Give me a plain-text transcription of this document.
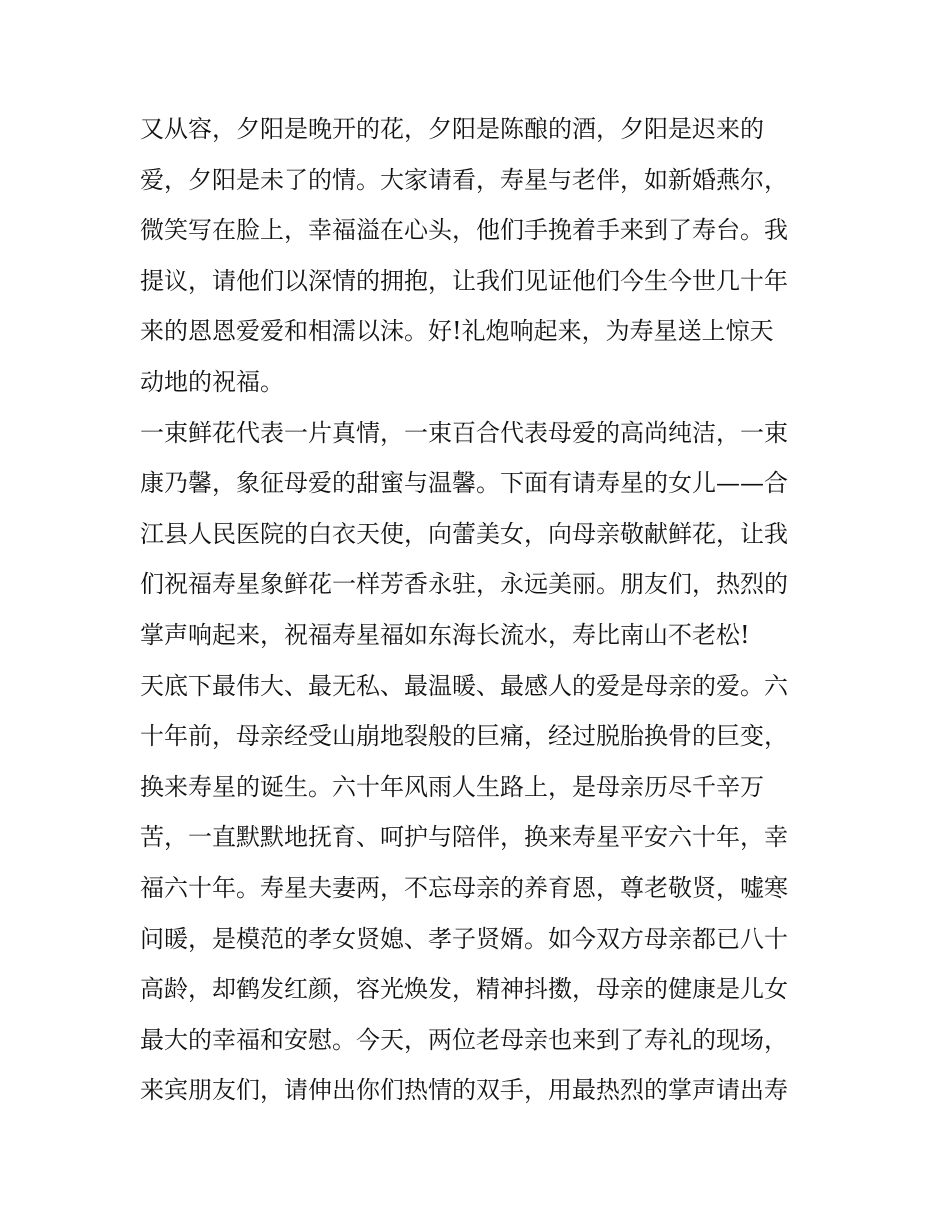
又从容，夕阳是晚开的花，夕阳是陈酿的酒，夕阳是迟来的
爱，夕阳是未了的情。大家请看，寿星与老伴，如新婚燕尔，
微笑写在脸上，幸福溢在心头，他们手挽着手来到了寿台。我
提议，请他们以深情的拥抱，让我们见证他们今生今世几十年
来的恩恩爱爱和相濡以沫。好!礼炮响起来，为寿星送上惊天
动地的祝福。
一束鲜花代表一片真情，一束百合代表母爱的高尚纯洁，一束
康乃馨，象征母爱的甜蜜与温馨。下面有请寿星的女儿——合
江县人民医院的白衣天使，向蕾美女，向母亲敬献鲜花，让我
们祝福寿星象鲜花一样芳香永驻，永远美丽。朋友们，热烈的
掌声响起来，祝福寿星福如东海长流水，寿比南山不老松!
天底下最伟大、最无私、最温暖、最感人的爱是母亲的爱。六
十年前，母亲经受山崩地裂般的巨痛，经过脱胎换骨的巨变，
换来寿星的诞生。六十年风雨人生路上，是母亲历尽千辛万
苦，一直默默地抚育、呵护与陪伴，换来寿星平安六十年，幸
福六十年。寿星夫妻两，不忘母亲的养育恩，尊老敬贤，嘘寒
问暖，是模范的孝女贤媳、孝子贤婿。如今双方母亲都已八十
高龄，却鹤发红颜，容光焕发，精神抖擞，母亲的健康是儿女
最大的幸福和安慰。今天，两位老母亲也来到了寿礼的现场，
来宾朋友们，请伸出你们热情的双手，用最热烈的掌声请出寿
